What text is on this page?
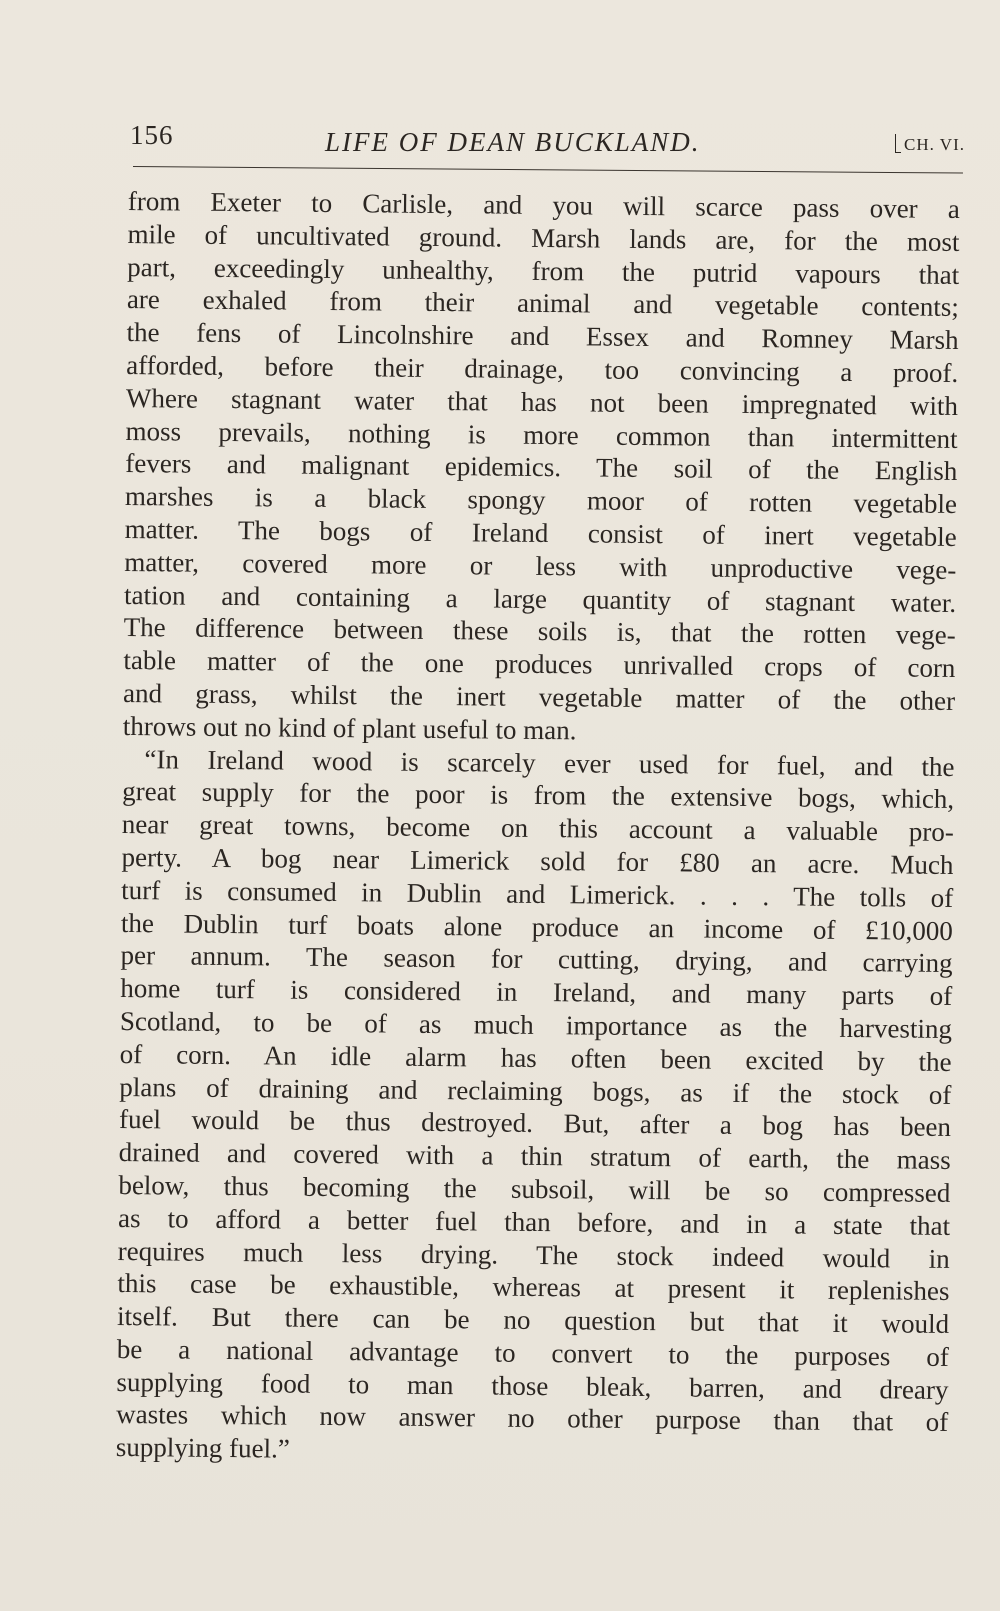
156	LIFE OF DEAN BUCKLAND.	CH. VI.
from Exeter to Carlisle, and you will scarce pass over a
mile of uncultivated ground. Marsh lands are, for the most
part, exceedingly unhealthy, from the putrid vapours that
are exhaled from their animal and vegetable contents;
the fens of Lincolnshire and Essex and Romney Marsh
afforded, before their drainage, too convincing a proof.
Where stagnant water that has not been impregnated with
moss prevails, nothing is more common than intermittent
fevers and malignant epidemics. The soil of the English
marshes is a black spongy moor of rotten vegetable
matter. The bogs of Ireland consist of inert vegetable
matter, covered more or less with unproductive vege-
tation and containing a large quantity of stagnant water.
The difference between these soils is, that the rotten vege-
table matter of the one produces unrivalled crops of corn
and grass, whilst the inert vegetable matter of the other
throws out no kind of plant useful to man.
“In Ireland wood is scarcely ever used for fuel, and the
great supply for the poor is from the extensive bogs, which,
near great towns, become on this account a valuable pro-
perty. A bog near Limerick sold for £80 an acre. Much
turf is consumed in Dublin and Limerick. . . . The tolls of
the Dublin turf boats alone produce an income of £10,000
per annum. The season for cutting, drying, and carrying
home turf is considered in Ireland, and many parts of
Scotland, to be of as much importance as the harvesting
of corn. An idle alarm has often been excited by the
plans of draining and reclaiming bogs, as if the stock of
fuel would be thus destroyed. But, after a bog has been
drained and covered with a thin stratum of earth, the mass
below, thus becoming the subsoil, will be so compressed
as to afford a better fuel than before, and in a state that
requires much less drying. The stock indeed would in
this case be exhaustible, whereas at present it replenishes
itself. But there can be no question but that it would
be a national advantage to convert to the purposes of
supplying food to man those bleak, barren, and dreary
wastes which now answer no other purpose than that of
supplying fuel.”
